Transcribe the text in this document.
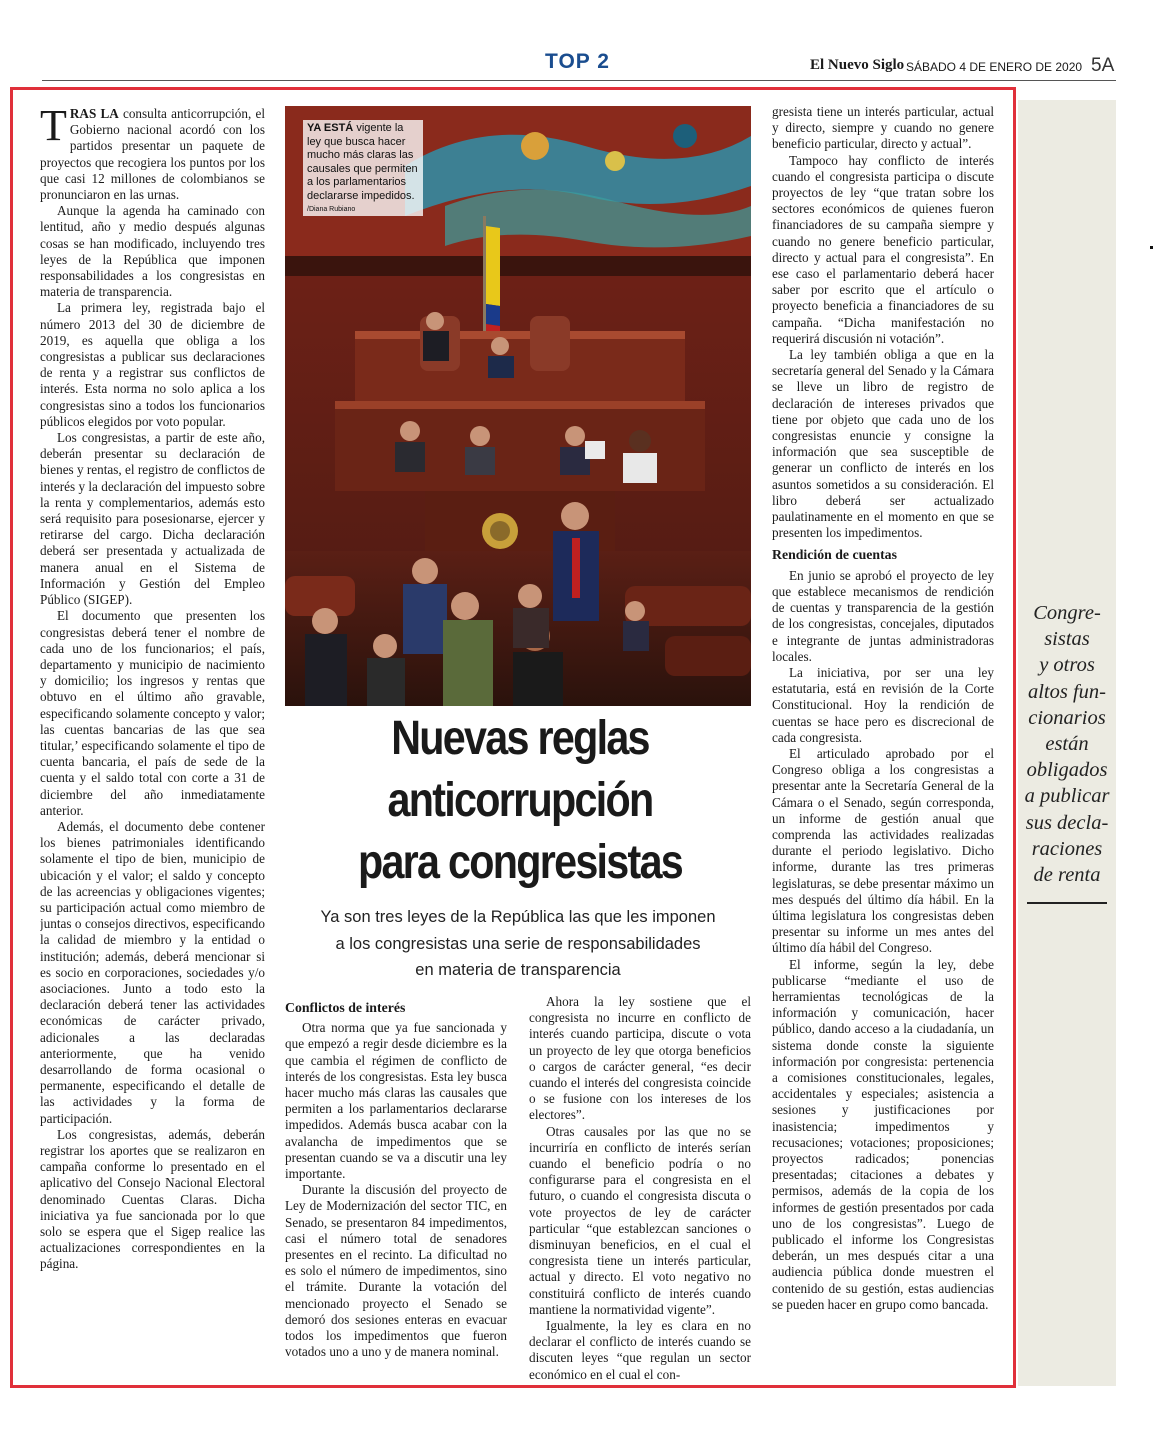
TOP 2	El Nuevo Siglo SÁBADO 4 DE ENERO DE 2020 5A
Congre-
sistas
y otros
altos fun-
cionarios
están
obligados
a publicar
sus decla-
raciones
de renta
YA ESTÁ vigente la ley que busca hacer mucho más claras las causales que permiten a los parlamentarios declararse impedidos.
/Diana Rubiano
Nuevas reglas
anticorrupción
para congresistas
Ya son tres leyes de la República las que les imponen
a los congresistas una serie de responsabilidades
en materia de transparencia

TRAS LA consulta anticorrupción, el Gobierno nacional acordó con los partidos presentar un paquete de proyectos que recogiera los puntos por los que casi 12 millones de colombianos se pronunciaron en las urnas.

Aunque la agenda ha caminado con lentitud, año y medio después algunas cosas se han modificado, incluyendo tres leyes de la República que imponen responsabilidades a los congresistas en materia de transparencia.

La primera ley, registrada bajo el número 2013 del 30 de diciembre de 2019, es aquella que obliga a los congresistas a publicar sus declaraciones de renta y a registrar sus conflictos de interés. Esta norma no solo aplica a los congresistas sino a todos los funcionarios públicos elegidos por voto popular.

Los congresistas, a partir de este año, deberán presentar su declaración de bienes y rentas, el registro de conflictos de interés y la declaración del impuesto sobre la renta y complementarios, además esto será requisito para posesionarse, ejercer y retirarse del cargo. Dicha declaración deberá ser presentada y actualizada de manera anual en el Sistema de Información y Gestión del Empleo Público (SIGEP).

El documento que presenten los congresistas deberá tener el nombre de cada uno de los funcionarios; el país, departamento y municipio de nacimiento y domicilio; los ingresos y rentas que obtuvo en el último año gravable, especificando solamente concepto y valor; las cuentas bancarias de las que sea titular,’ especificando solamente el tipo de cuenta bancaria, el país de sede de la cuenta y el saldo total con corte a 31 de diciembre del año inmediatamente anterior.

Además, el documento debe contener los bienes patrimoniales identificando solamente el tipo de bien, municipio de ubicación y el valor; el saldo y concepto de las acreencias y obligaciones vigentes; su participación actual como miembro de juntas o consejos directivos, especificando la calidad de miembro y la entidad o institución; además, deberá mencionar si es socio en corporaciones, sociedades y/o asociaciones. Junto a todo esto la declaración deberá tener las actividades económicas de carácter privado, adicionales a las declaradas anteriormente, que ha venido desarrollando de forma ocasional o permanente, especificando el detalle de las actividades y la forma de participación.

Los congresistas, además, deberán registrar los aportes que se realizaron en campaña conforme lo presentado en el aplicativo del Consejo Nacional Electoral denominado Cuentas Claras. Dicha iniciativa ya fue sancionada por lo que solo se espera que el Sigep realice las actualizaciones correspondientes en la página.

Conflictos de interés

Otra norma que ya fue sancionada y que empezó a regir desde diciembre es la que cambia el régimen de conflicto de interés de los congresistas. Esta ley busca hacer mucho más claras las causales que permiten a los parlamentarios declararse impedidos. Además busca acabar con la avalancha de impedimentos que se presentan cuando se va a discutir una ley importante.

Durante la discusión del proyecto de Ley de Modernización del sector TIC, en Senado, se presentaron 84 impedimentos, casi el número total de senadores presentes en el recinto. La dificultad no es solo el número de impedimentos, sino el trámite. Durante la votación del mencionado proyecto el Senado se demoró dos sesiones enteras en evacuar todos los impedimentos que fueron votados uno a uno y de manera nominal.

Ahora la ley sostiene que el congresista no incurre en conflicto de interés cuando participa, discute o vota un proyecto de ley que otorga beneficios o cargos de carácter general, “es decir cuando el interés del congresista coincide o se fusione con los intereses de los electores”.

Otras causales por las que no se incurriría en conflicto de interés serían cuando el beneficio podría o no configurarse para el congresista en el futuro, o cuando el congresista discuta o vote proyectos de ley de carácter particular “que establezcan sanciones o disminuyan beneficios, en el cual el congresista tiene un interés particular, actual y directo. El voto negativo no constituirá conflicto de interés cuando mantiene la normatividad vigente”.

Igualmente, la ley es clara en no declarar el conflicto de interés cuando se discuten leyes “que regulan un sector económico en el cual el con-

gresista tiene un interés particular, actual y directo, siempre y cuando no genere beneficio particular, directo y actual”.

Tampoco hay conflicto de interés cuando el congresista participa o discute proyectos de ley “que tratan sobre los sectores económicos de quienes fueron financiadores de su campaña siempre y cuando no genere beneficio particular, directo y actual para el congresista”. En ese caso el parlamentario deberá hacer saber por escrito que el artículo o proyecto beneficia a financiadores de su campaña. “Dicha manifestación no requerirá discusión ni votación”.

La ley también obliga a que en la secretaría general del Senado y la Cámara se lleve un libro de registro de declaración de intereses privados que tiene por objeto que cada uno de los congresistas enuncie y consigne la información que sea susceptible de generar un conflicto de interés en los asuntos sometidos a su consideración. El libro deberá ser actualizado paulatinamente en el momento en que se presenten los impedimentos.

Rendición de cuentas

En junio se aprobó el proyecto de ley que establece mecanismos de rendición de cuentas y transparencia de la gestión de los congresistas, concejales, diputados e integrante de juntas administradoras locales.

La iniciativa, por ser una ley estatutaria, está en revisión de la Corte Constitucional. Hoy la rendición de cuentas se hace pero es discrecional de cada congresista.

El articulado aprobado por el Congreso obliga a los congresistas a presentar ante la Secretaría General de la Cámara o el Senado, según corresponda, un informe de gestión anual que comprenda las actividades realizadas durante el periodo legislativo. Dicho informe, durante las tres primeras legislaturas, se debe presentar máximo un mes después del último día hábil. En la última legislatura los congresistas deben presentar su informe un mes antes del último día hábil del Congreso.

El informe, según la ley, debe publicarse “mediante el uso de herramientas tecnológicas de la información y comunicación, hacer público, dando acceso a la ciudadanía, un sistema donde conste la siguiente información por congresista: pertenencia a comisiones constitucionales, legales, accidentales y especiales; asistencia a sesiones y justificaciones por inasistencia; impedimentos y recusaciones; votaciones; proposiciones; proyectos radicados; ponencias presentadas; citaciones a debates y permisos, además de la copia de los informes de gestión presentados por cada uno de los congresistas”. Luego de publicado el informe los Congresistas deberán, un mes después citar a una audiencia pública donde muestren el contenido de su gestión, estas audiencias se pueden hacer en grupo como bancada.
